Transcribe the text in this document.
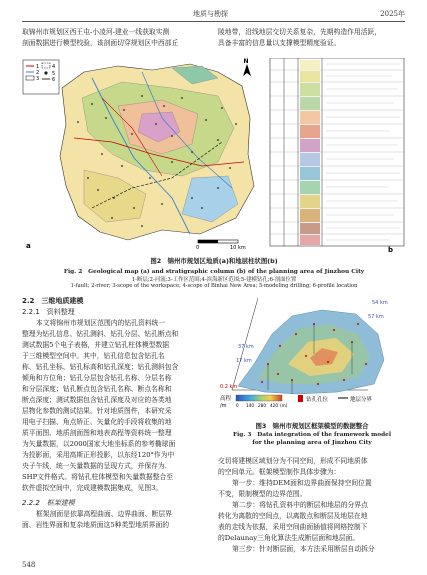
地质与勘探	2025年
取锦州市规划区西王屯-小凌河-建业一线获取实测
剖面数据进行模型校验，该剖面切穿规划区中西部丘
陵地带，沿线地层交切关系复杂，先期构造作用活跃，
具备丰富的信息量以支撑模型精度验证。
1
2
3
4
5
6
N
0	10 km
a	b
图2　锦州市规划区地质(a)和地层柱状图(b)
Fig. 2　Geological map (a) and stratigraphic column (b) of the planning area of Jinzhou City
1-断层;2-河流;3-工作区范围;4-滨海新区范围;5-建模钻孔;6-剖面位置
1-fault; 2-river; 3-scope of the workspace; 4-scope of Binhai New Area; 5-modeling drilling; 6-profile location
2.2　三维地质建模
2.2.1　资料整理
本文将锦州市规划区范围内的钻孔资料统一
整理为钻孔信息、钻孔测斜、钻孔分层、钻孔断点和
测试数据5个电子表格，并建立钻孔柱体模型数据
于三维模型空间中。其中，钻孔信息包含钻孔名
称、钻孔坐标、钻孔标高和钻孔深度；钻孔测斜包含
倾角和方位角；钻孔分层包含钻孔名称、分层名称
和分层深度；钻孔断点包含钻孔名称、断点名称和
断点深度；测试数据包含钻孔深度及对应的各类地
层物化参数的测试结果。针对地质图件，本研究采
用电子扫描、角点矫正、矢量化的手段将收集的地
质平面图、地质剖面图和地表高程等资料统一整理
为矢量数据，以2000国家大地坐标系的参考椭球面
为投影面，采用高斯正形投影，以东经120°作为中
央子午线，统一矢量数据的呈现方式，并保存为.
SHP文件格式。将钻孔柱体模型和矢量数据整合至
软件虚拟空间中，完成建模数据集成，见图3。
2.2.2　框架建模
框架剖面是依靠高程曲面、边界曲面、断层界
面、岩性界面和复杂地质面这5种类型地质界面的
54 km
57 km
37 km
17 km
0.2 km
高程
/m 0 140 280 420 (m)
钻孔孔位	地层分界
图3　锦州市规划区框架模型的数据整合
Fig. 3　Data integration of the framework model for the planning area of Jinzhou City
交切将建模区域划分为不同空间，形成不同地质体
的空间单元。框架模型制作具体步骤为：
第一步：维持DEM面和边界曲面保持空间位置
不变，限制模型的边界范围。
第二步：将钻孔资料中的断层和地层的分界点
转化为离散的空间点，以离散点和断层及地层在地
表的走线为依据，采用空间曲面插值将网格控制下
的Delaunay三角化算法生成断层面和地层面。
第三步：针对断层面，本方法采用断层自动拆分
548
